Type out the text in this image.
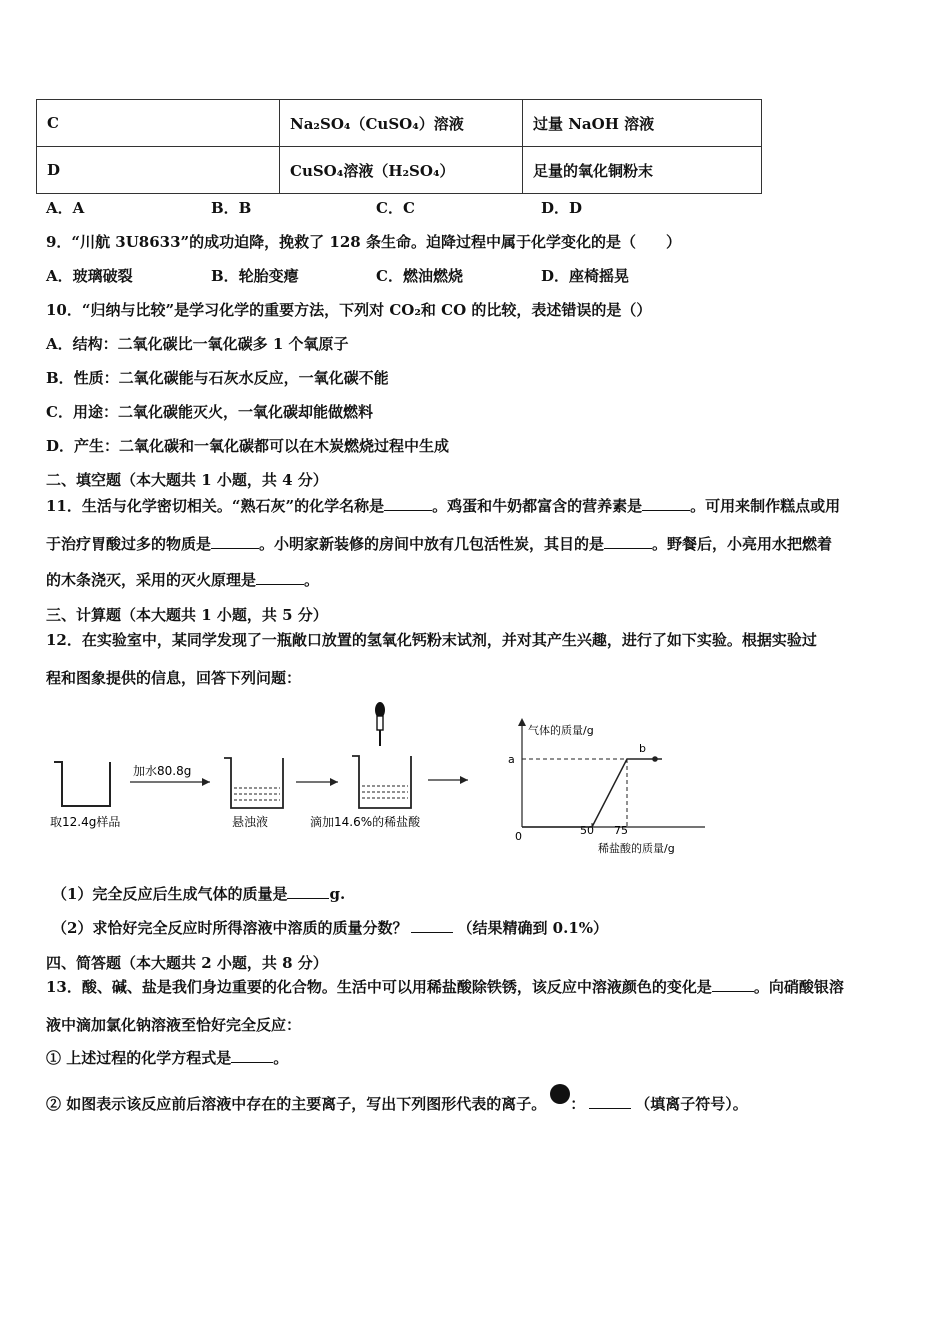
C	Na₂SO₄（CuSO₄）溶液	过量 NaOH 溶液
D	CuSO₄溶液（H₂SO₄）	足量的氧化铜粉末
A．A	B．B	C．C	D．D
9．“川航 3U8633”的成功迫降，挽救了 128 条生命。迫降过程中属于化学变化的是（　　）
A．玻璃破裂	B．轮胎变瘪	C．燃油燃烧	D．座椅摇晃
10．“归纳与比较”是学习化学的重要方法，下列对 CO₂和 CO 的比较，表述错误的是（）
A．结构：二氧化碳比一氧化碳多 1 个氧原子
B．性质：二氧化碳能与石灰水反应，一氧化碳不能
C．用途：二氧化碳能灭火，一氧化碳却能做燃料
D．产生：二氧化碳和一氧化碳都可以在木炭燃烧过程中生成
二、填空题（本大题共 1 小题，共 4 分）
11．生活与化学密切相关。“熟石灰”的化学名称是	。鸡蛋和牛奶都富含的营养素是	。可用来制作糕点或用
于治疗胃酸过多的物质是	。小明家新装修的房间中放有几包活性炭，其目的是	。野餐后，小亮用水把燃着
的木条浇灭，采用的灭火原理是	。
三、计算题（本大题共 1 小题，共 5 分）
12．在实验室中，某同学发现了一瓶敞口放置的氢氧化钙粉末试剂，并对其产生兴趣，进行了如下实验。根据实验过
程和图象提供的信息，回答下列问题：
取12.4g样品
加水80.8g
悬浊液	滴加14.6%的稀盐酸
气体的质量/g
稀盐酸的质量/g
0	50 75
a
b
（1）完全反应后生成气体的质量是	g.
（2）求恰好完全反应时所得溶液中溶质的质量分数？	（结果精确到 0.1%）
四、简答题（本大题共 2 小题，共 8 分）
13．酸、碱、盐是我们身边重要的化合物。生活中可以用稀盐酸除铁锈，该反应中溶液颜色的变化是	。向硝酸银溶
液中滴加氯化钠溶液至恰好完全反应：
① 上述过程的化学方程式是	。
② 如图表示该反应前后溶液中存在的主要离子，写出下列图形代表的离子。 ：	（填离子符号）。
